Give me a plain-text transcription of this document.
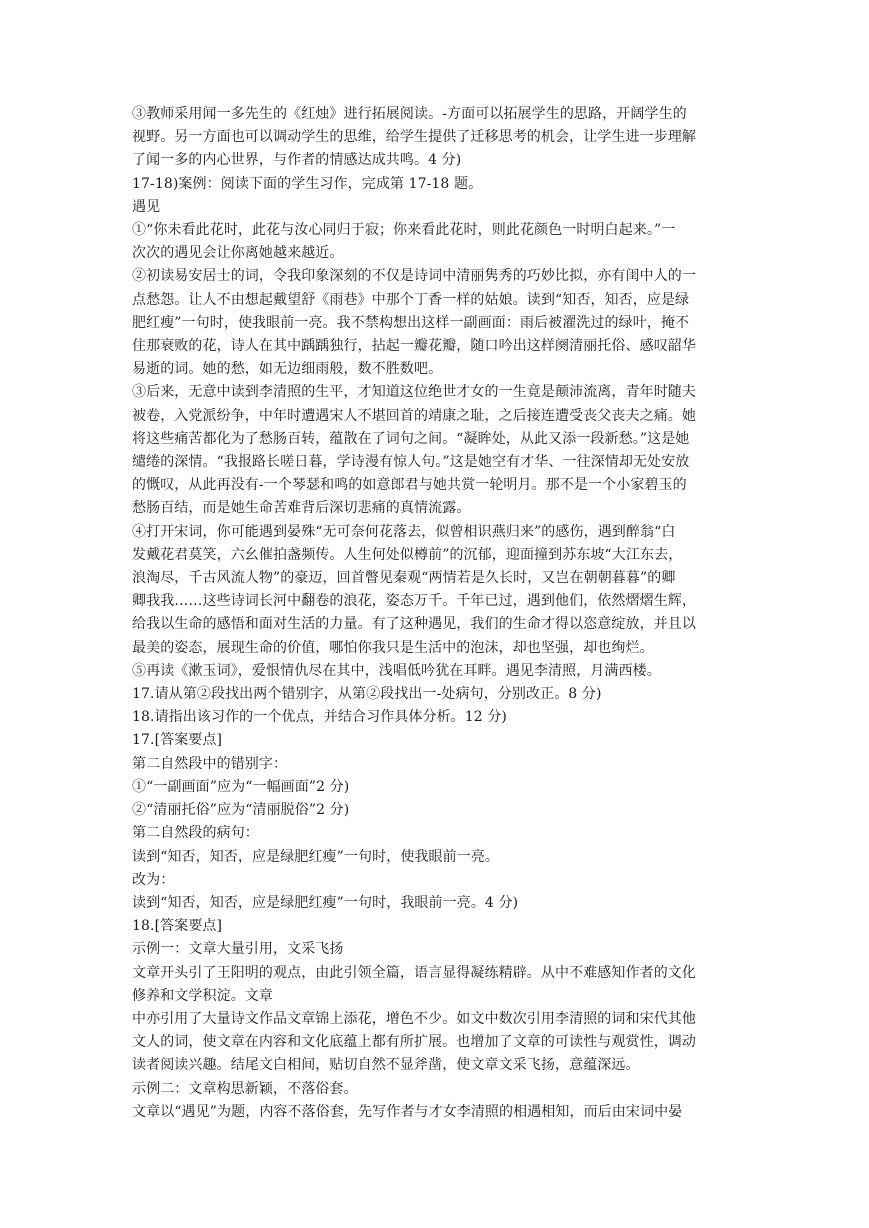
③教师采用闻一多先生的《红烛》进行拓展阅读。-方面可以拓展学生的思路，开阔学生的
视野。另一方面也可以调动学生的思维，给学生提供了迁移思考的机会，让学生进一步理解
了闻一多的内心世界，与作者的情感达成共鸣。4 分)
17-18)案例：阅读下面的学生习作，完成第 17-18 题。
遇见
①“你未看此花时，此花与汝心同归于寂；你来看此花时，则此花颜色一时明白起来。”一
次次的遇见会让你离她越来越近。
②初读易安居士的词，令我印象深刻的不仅是诗词中清丽隽秀的巧妙比拟，亦有闺中人的一
点愁怨。让人不由想起戴望舒《雨巷》中那个丁香一样的姑娘。读到“知否，知否，应是绿
肥红瘦”一句时，使我眼前一亮。我不禁构想出这样一副画面：雨后被濯洗过的绿叶，掩不
住那衰败的花，诗人在其中踽踽独行，拈起一瓣花瓣，随口吟出这样阕清丽托俗、感叹韶华
易逝的词。她的愁，如无边细雨般，数不胜数吧。
③后来，无意中读到李清照的生平，才知道这位绝世才女的一生竟是颠沛流离，青年时随夫
被卷，入党派纷争，中年时遭遇宋人不堪回首的靖康之耻，之后接连遭受丧父丧夫之痛。她
将这些痛苦都化为了愁肠百转，蕴散在了词句之间。“凝眸处，从此又添一段新愁。”这是她
缱绻的深情。“我报路长嗟日暮，学诗漫有惊人句。”这是她空有才华、一往深情却无处安放
的慨叹，从此再没有-一个琴瑟和鸣的如意郎君与她共赏一轮明月。那不是一个小家碧玉的
愁肠百结，而是她生命苦难背后深切悲痛的真情流露。
④打开宋词，你可能遇到晏殊“无可奈何花落去，似曾相识燕归来”的感伤，遇到醉翁“白
发戴花君莫笑，六幺催拍盏频传。人生何处似樽前”的沉郁，迎面撞到苏东坡“大江东去，
浪淘尽，千古风流人物”的豪迈，回首瞥见秦观“两情若是久长时，又岂在朝朝暮暮”的卿
卿我我……这些诗词长河中翻卷的浪花，姿态万千。千年已过，遇到他们，依然熠熠生辉，
给我以生命的感悟和面对生活的力量。有了这种遇见，我们的生命才得以恣意绽放，并且以
最美的姿态，展现生命的价值，哪怕你我只是生活中的泡沫，却也坚强，却也绚烂。
⑤再读《漱玉词》，爱恨情仇尽在其中，浅唱低吟犹在耳畔。遇见李清照，月满西楼。
17.请从第②段找出两个错别字，从第②段找出一-处病句，分别改正。8 分)
18.请指出该习作的一个优点，并结合习作具体分析。12 分)
17.[答案要点]
第二自然段中的错别字：
①“一副画面”应为“一幅画面”2 分)
②“清丽托俗”应为“清丽脱俗”2 分)
第二自然段的病句：
读到“知否，知否，应是绿肥红瘦”一句时，使我眼前一亮。
改为：
读到“知否，知否，应是绿肥红瘦”一句时，我眼前一亮。4 分)
18.[答案要点]
示例一：文章大量引用，文采飞扬
文章开头引了王阳明的观点，由此引领全篇，语言显得凝练精辟。从中不难感知作者的文化
修养和文学积淀。文章
中亦引用了大量诗文作品文章锦上添花，增色不少。如文中数次引用李清照的词和宋代其他
文人的词，使文章在内容和文化底蕴上都有所扩展。也增加了文章的可读性与观赏性，调动
读者阅读兴趣。结尾文白相间，贴切自然不显斧凿，使文章文采飞扬，意蕴深远。
示例二：文章构思新颖，不落俗套。
文章以“遇见”为题，内容不落俗套，先写作者与才女李清照的相遇相知，而后由宋词中晏
